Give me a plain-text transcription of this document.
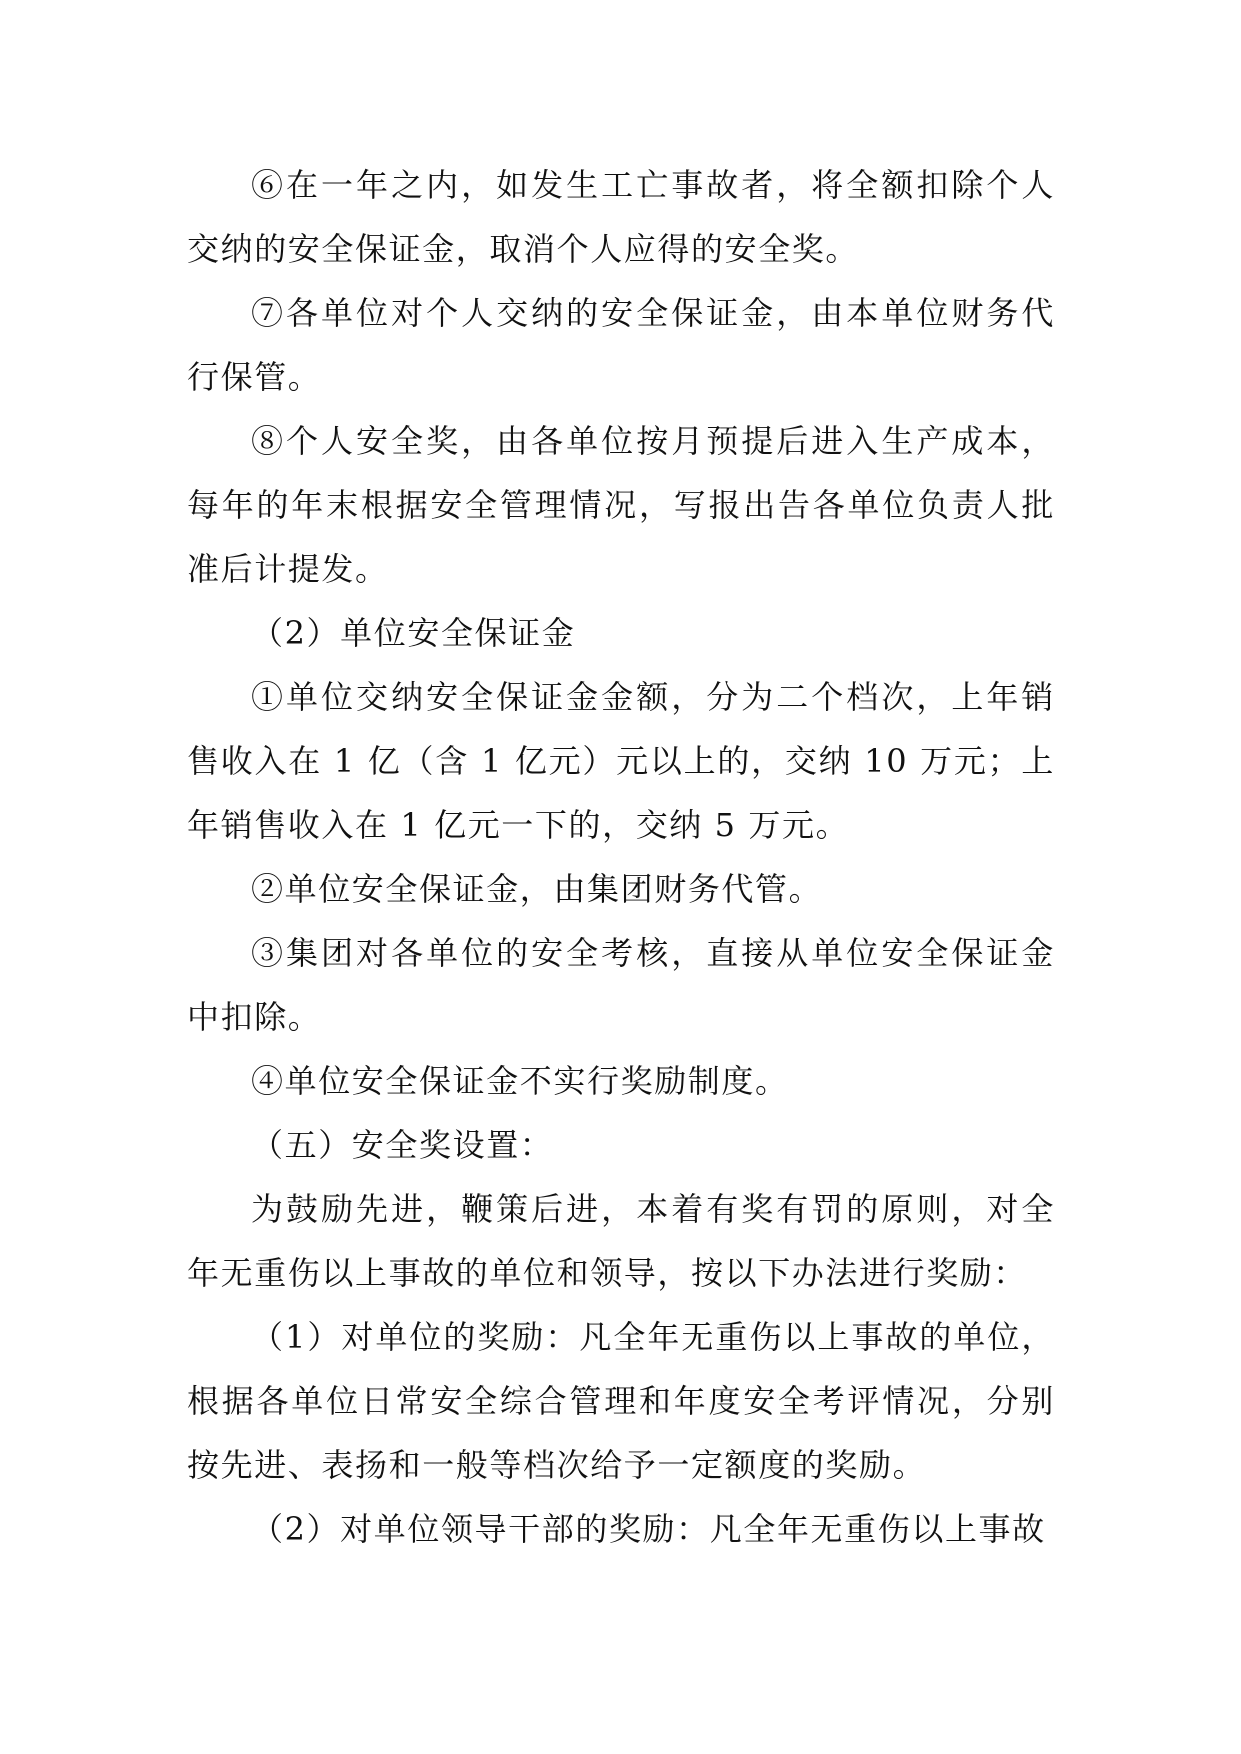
⑥在一年之内，如发生工亡事故者，将全额扣除个人交纳的安全保证金，取消个人应得的安全奖。

⑦各单位对个人交纳的安全保证金，由本单位财务代行保管。

⑧个人安全奖，由各单位按月预提后进入生产成本，每年的年末根据安全管理情况，写报出告各单位负责人批准后计提发。

（2）单位安全保证金

①单位交纳安全保证金金额，分为二个档次，上年销售收入在 1 亿（含 1 亿元）元以上的，交纳 10 万元；上年销售收入在 1 亿元一下的，交纳 5 万元。

②单位安全保证金，由集团财务代管。

③集团对各单位的安全考核，直接从单位安全保证金中扣除。

④单位安全保证金不实行奖励制度。

（五）安全奖设置：

为鼓励先进，鞭策后进，本着有奖有罚的原则，对全年无重伤以上事故的单位和领导，按以下办法进行奖励：

（1）对单位的奖励：凡全年无重伤以上事故的单位，根据各单位日常安全综合管理和年度安全考评情况，分别按先进、表扬和一般等档次给予一定额度的奖励。

（2）对单位领导干部的奖励：凡全年无重伤以上事故
